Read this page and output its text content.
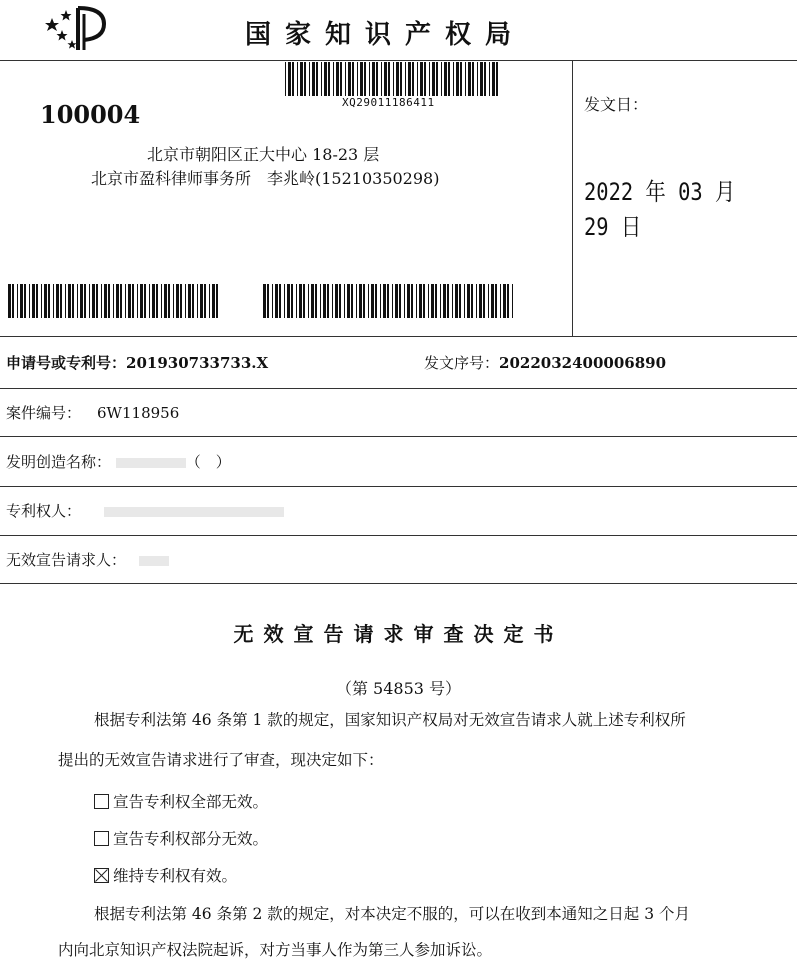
国家知识产权局
XQ29011186411
100004
北京市朝阳区正大中心 18-23 层
北京市盈科律师事务所　李兆岭(15210350298)
发文日：
2022 年 03 月 29 日
申请号或专利号：201930733733.X	发文序号：2022032400006890
案件编号： 6W118956
发明创造名称：	（　）
专利权人：
无效宣告请求人：
无效宣告请求审查决定书
（第 54853 号）
根据专利法第 46 条第 1 款的规定，国家知识产权局对无效宣告请求人就上述专利权所
提出的无效宣告请求进行了审查，现决定如下：
宣告专利权全部无效。
宣告专利权部分无效。
维持专利权有效。
根据专利法第 46 条第 2 款的规定，对本决定不服的，可以在收到本通知之日起 3 个月
内向北京知识产权法院起诉，对方当事人作为第三人参加诉讼。
